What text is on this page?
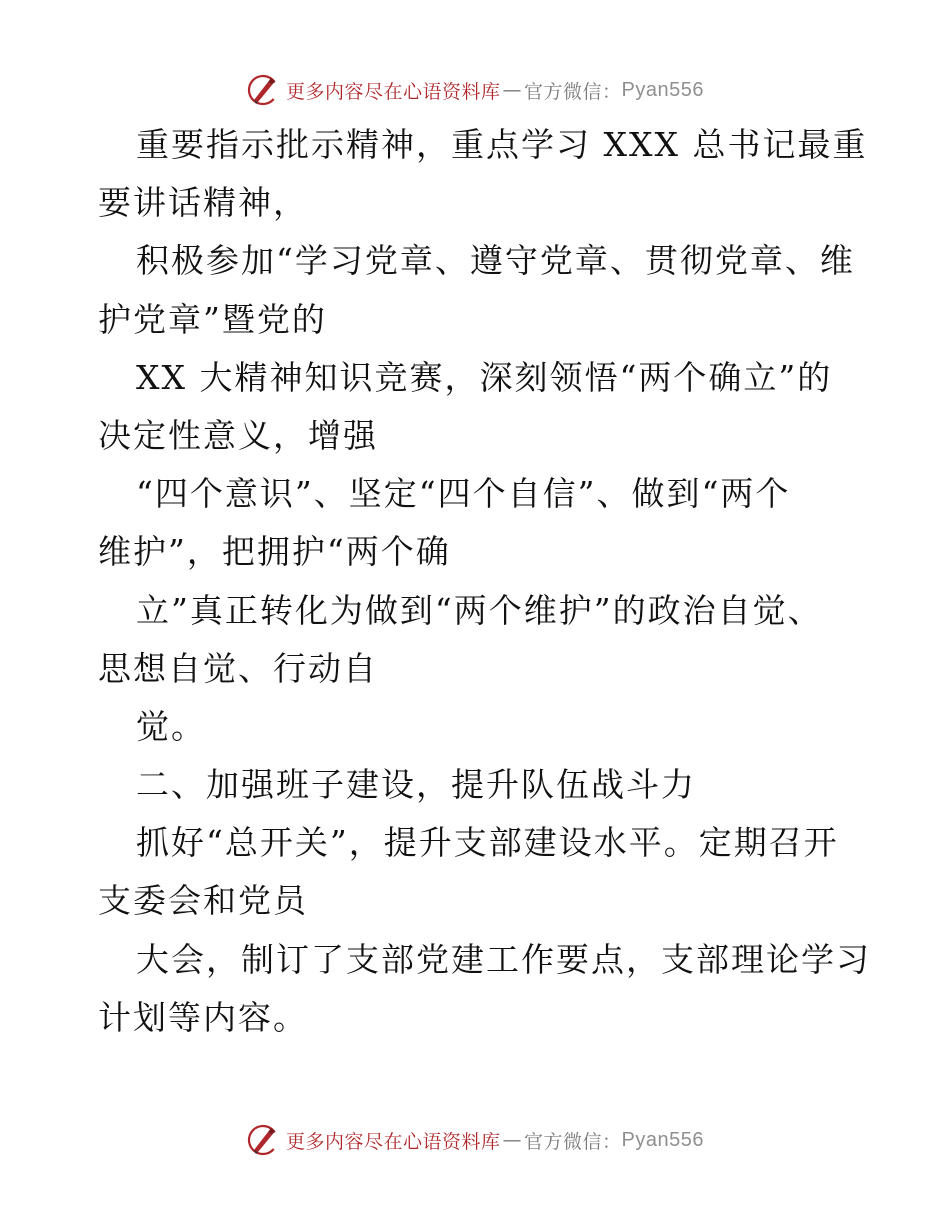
更多内容尽在心语资料库 — 官方微信： Pyan556
重要指示批示精神，重点学习 XXX 总书记最重
要讲话精神，
积极参加“学习党章、遵守党章、贯彻党章、维
护党章”暨党的
XX 大精神知识竞赛，深刻领悟“两个确立”的
决定性意义，增强
“四个意识”、坚定“四个自信”、做到“两个
维护”，把拥护“两个确
立”真正转化为做到“两个维护”的政治自觉、
思想自觉、行动自
觉。
二、加强班子建设，提升队伍战斗力
抓好“总开关”，提升支部建设水平。定期召开
支委会和党员
大会，制订了支部党建工作要点，支部理论学习
计划等内容。
更多内容尽在心语资料库 — 官方微信： Pyan556
